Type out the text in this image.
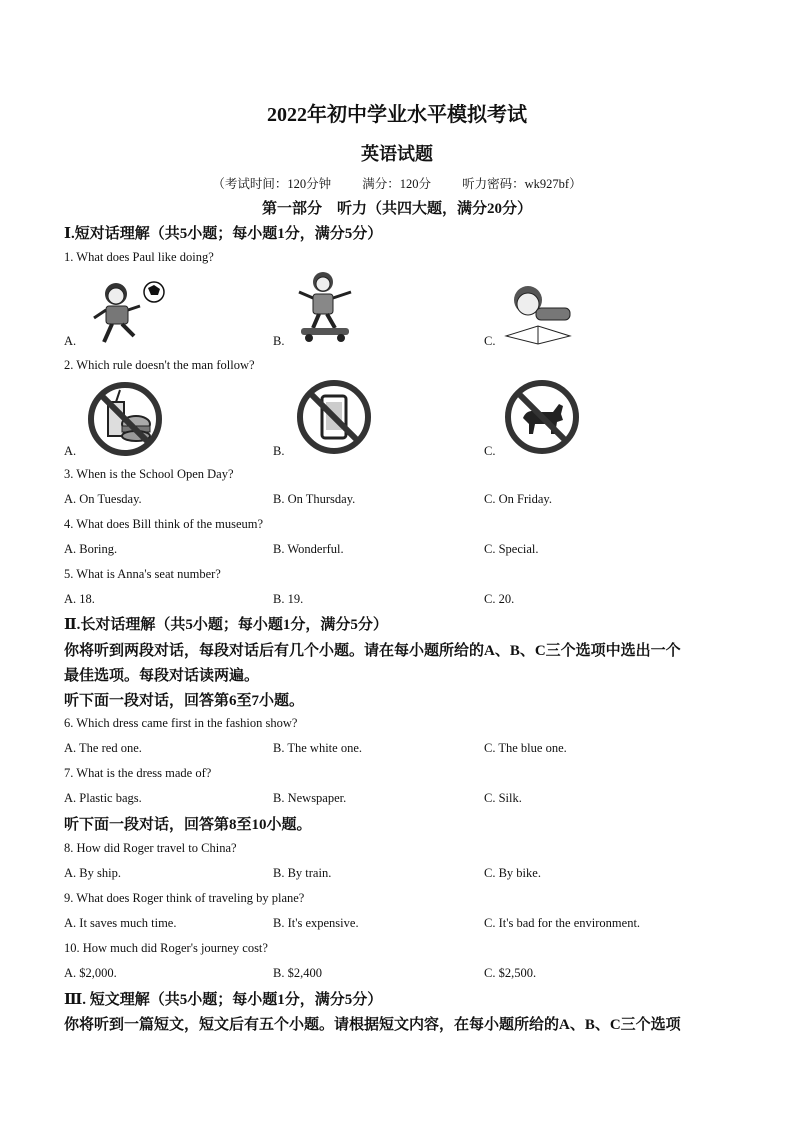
2022年初中学业水平模拟考试
英语试题
（考试时间：120分钟 满分：120分 听力密码：wk927bf）
第一部分　听力（共四大题，满分20分）
Ⅰ.短对话理解（共5小题；每小题1分，满分5分）
1. What does Paul like doing?
A.	B.	C.
2. Which rule doesn't the man follow?
A.	B.	C.
3. When is the School Open Day?
A. On Tuesday.	B. On Thursday.	C. On Friday.
4. What does Bill think of the museum?
A. Boring.	B. Wonderful.	C. Special.
5. What is Anna's seat number?
A. 18.	B. 19.	C. 20.
Ⅱ.长对话理解（共5小题；每小题1分，满分5分）
你将听到两段对话，每段对话后有几个小题。请在每小题所给的A、B、C三个选项中选出一个
最佳选项。每段对话读两遍。
听下面一段对话，回答第6至7小题。
6. Which dress came first in the fashion show?
A. The red one.	B. The white one.	C. The blue one.
7. What is the dress made of?
A. Plastic bags.	B. Newspaper.	C. Silk.
听下面一段对话，回答第8至10小题。
8. How did Roger travel to China?
A. By ship.	B. By train.	C. By bike.
9. What does Roger think of traveling by plane?
A. It saves much time.	B. It's expensive.	C. It's bad for the environment.
10. How much did Roger's journey cost?
A. $2,000.	B. $2,400	C. $2,500.
Ⅲ. 短文理解（共5小题；每小题1分，满分5分）
你将听到一篇短文，短文后有五个小题。请根据短文内容，在每小题所给的A、B、C三个选项
